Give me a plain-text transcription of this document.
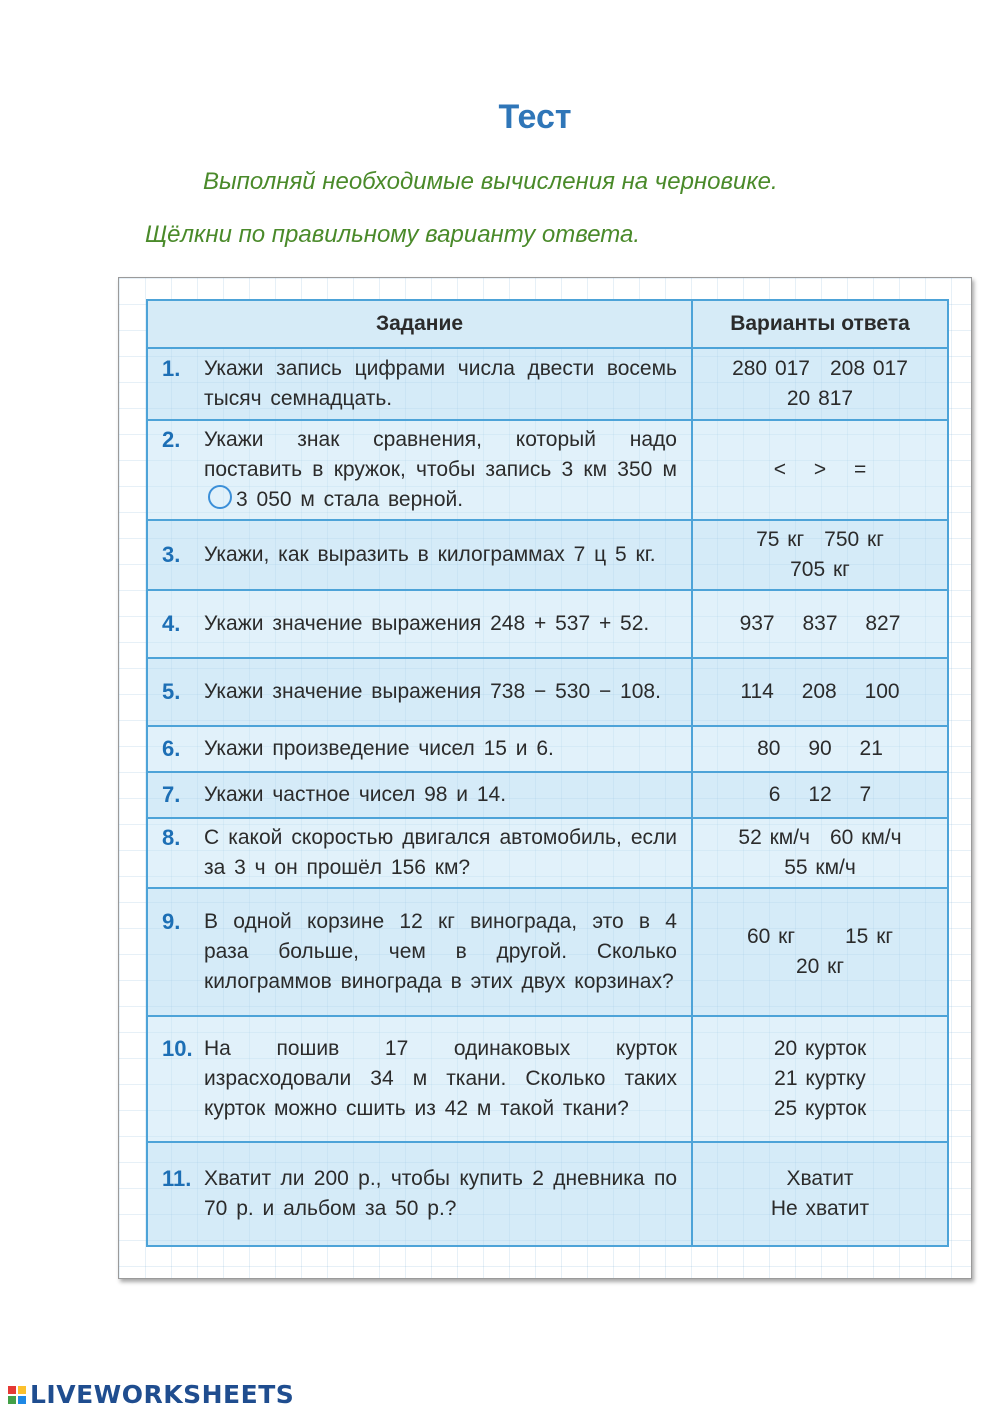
Тест
Выполняй необходимые вычисления на черновике.
Щёлкни по правильному варианту ответа.
Задание	Варианты ответа

1. Укажи запись цифрами числа двести восемь тысяч семнадцать.	280 017 208 017
20 817

2. Укажи знак сравнения, который надо поставить в кружок, чтобы запись 3 км 350 м3 050 м стала верной.	< > =

3. Укажи, как выразить в килограммах 7 ц 5 кг.	75 кг 750 кг
705 кг

4. Укажи значение выражения 248 + 537 + 52.	937 837 827

5. Укажи значение выражения 738 − 530 − 108.	114 208 100

6. Укажи произведение чисел 15 и 6.	80 90 21

7. Укажи частное чисел 98 и 14.	6 12 7

8. С какой скоростью двигался автомобиль, если за 3 ч он прошёл 156 км?	52 км/ч 60 км/ч
55 км/ч

9. В одной корзине 12 кг винограда, это в 4 раза больше, чем в другой. Сколько килограммов винограда в этих двух корзинах?	60 кг 15 кг
20 кг

10. На пошив 17 одинаковых курток израсходовали 34 м ткани. Сколько таких курток можно сшить из 42 м такой ткани?	20 курток
21 куртку
25 курток

11. Хватит ли 200 р., чтобы купить 2 дневника по 70 р. и альбом за 50 р.?	Хватит
Не хватит
LIVEWORKSHEETS
